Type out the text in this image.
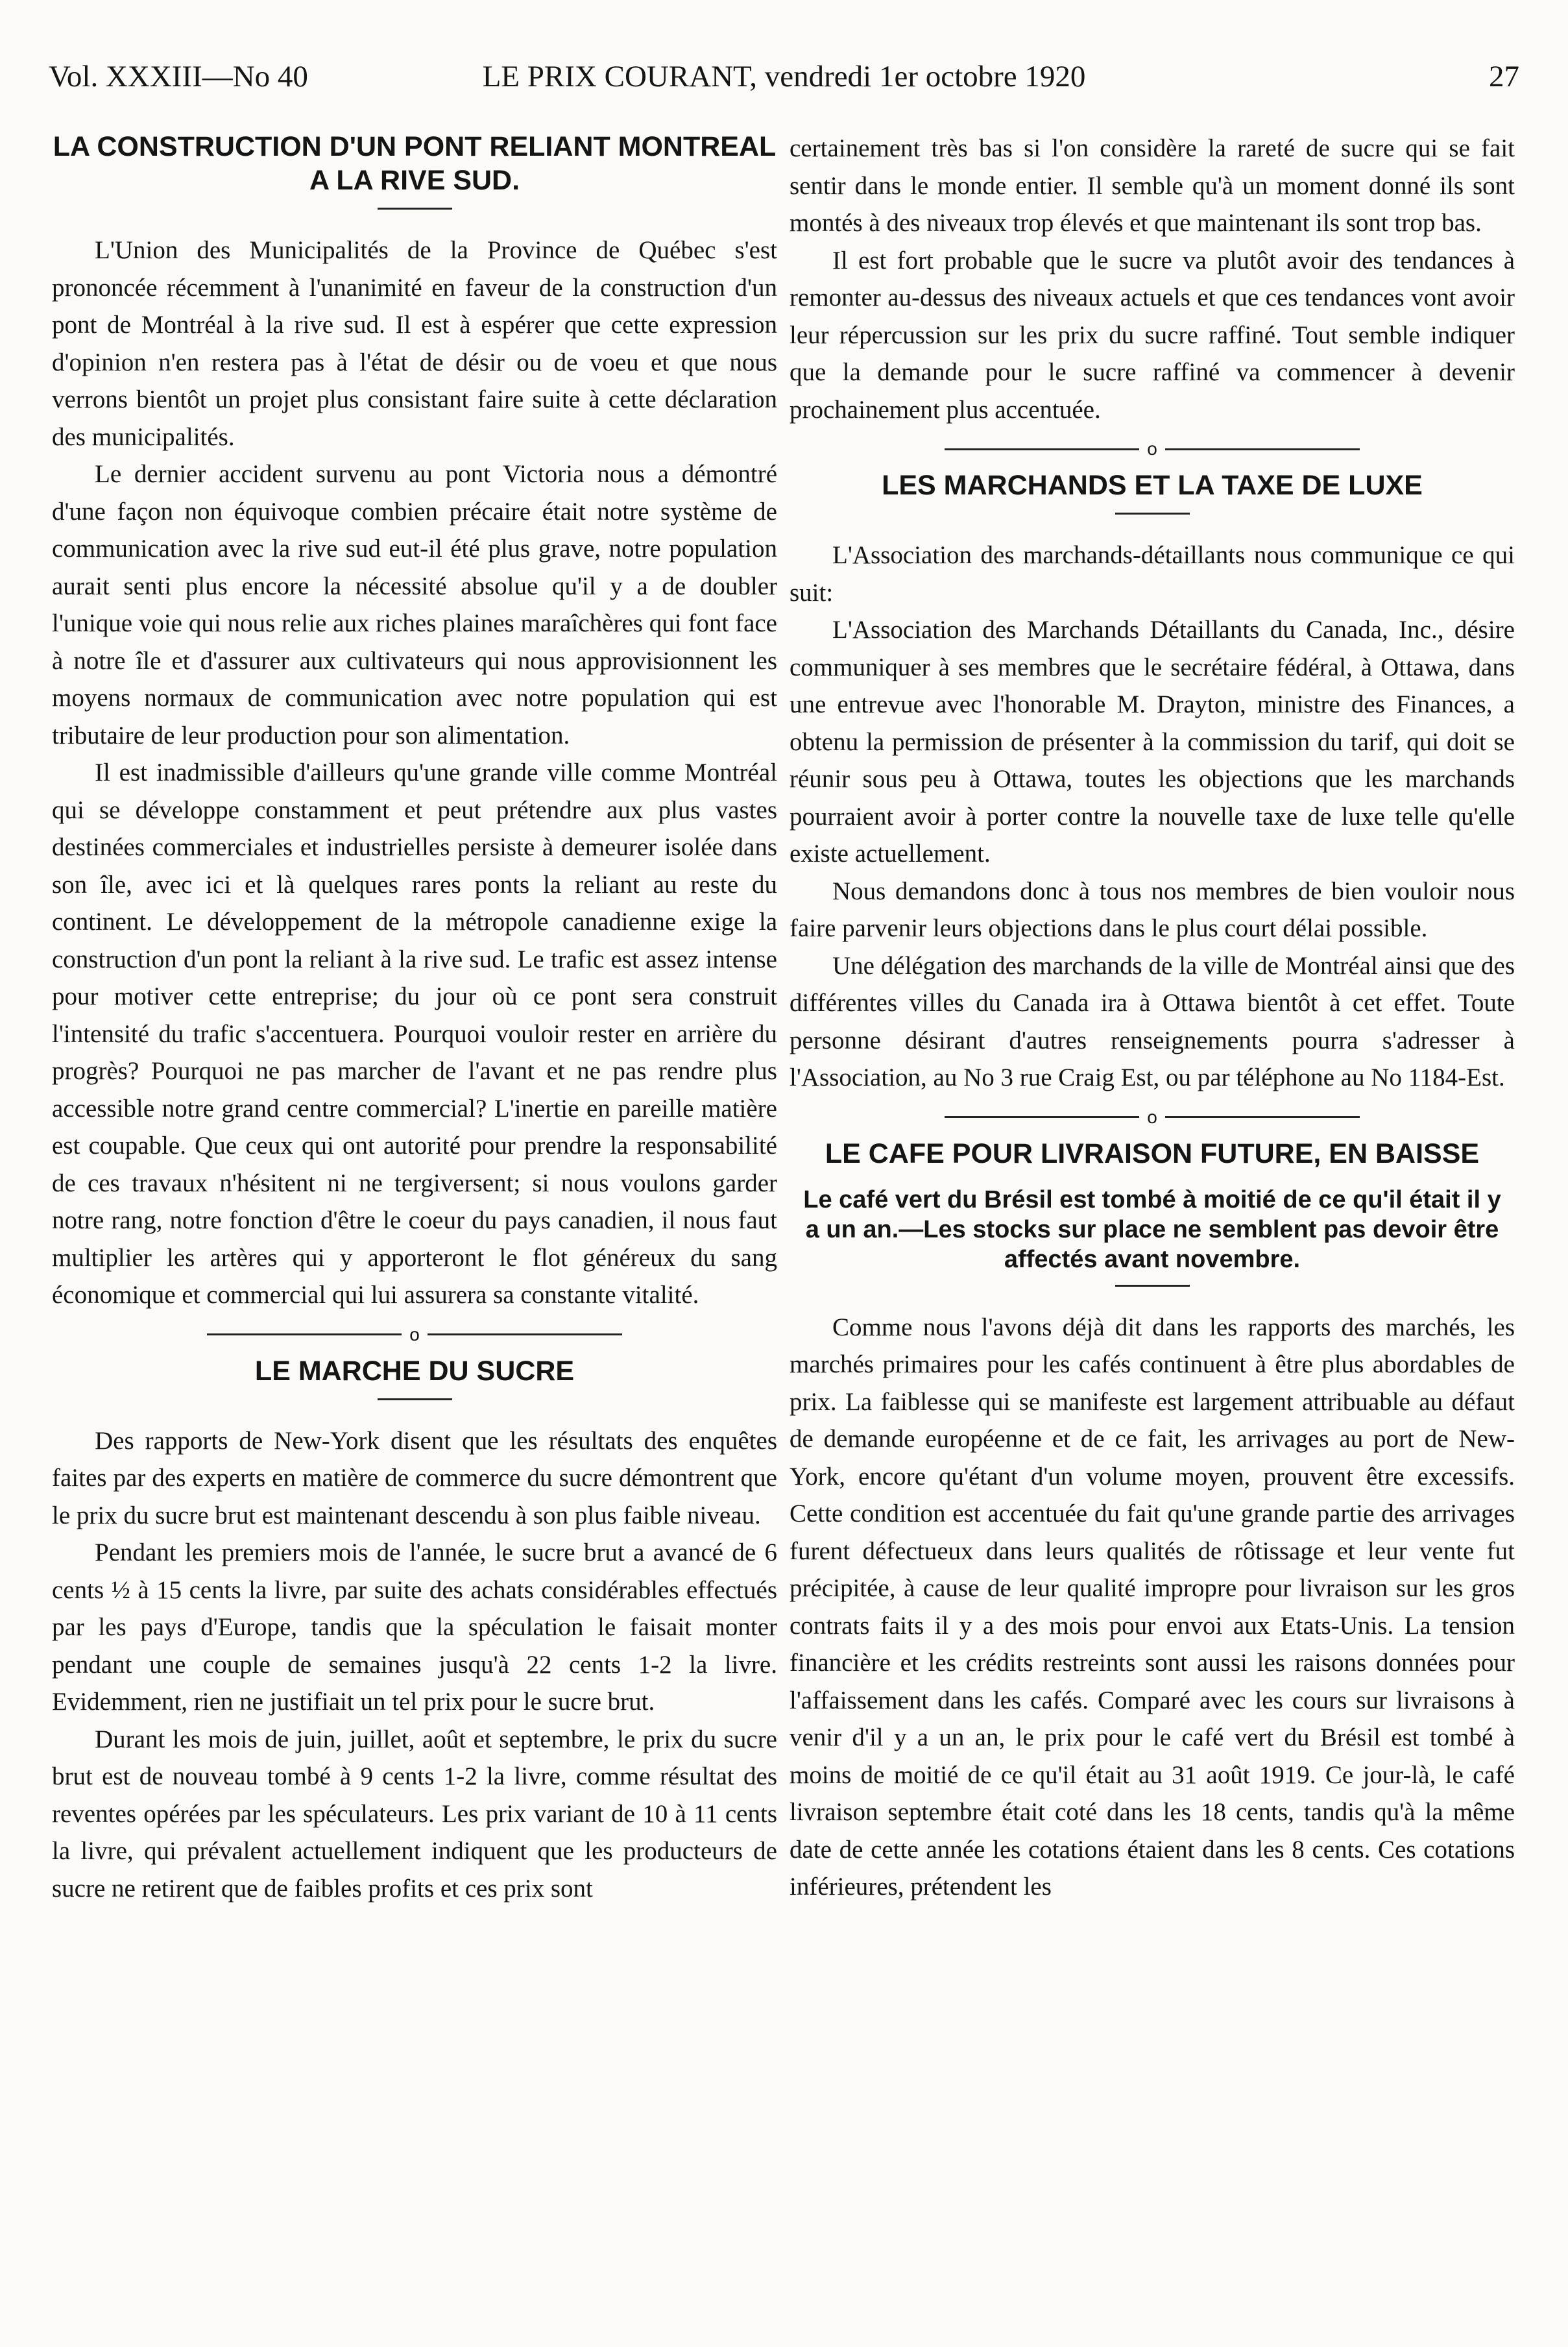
Vol. XXXIII—No 40	LE PRIX COURANT, vendredi 1er octobre 1920	27
LA CONSTRUCTION D'UN PONT RELIANT MONTREAL A LA RIVE SUD.

L'Union des Municipalités de la Province de Québec s'est prononcée récemment à l'unanimité en faveur de la construction d'un pont de Montréal à la rive sud. Il est à espérer que cette expression d'opinion n'en restera pas à l'état de désir ou de voeu et que nous verrons bientôt un projet plus consistant faire suite à cette déclaration des municipalités.

Le dernier accident survenu au pont Victoria nous a démontré d'une façon non équivoque combien précaire était notre système de communication avec la rive sud eut-il été plus grave, notre population aurait senti plus encore la nécessité absolue qu'il y a de doubler l'unique voie qui nous relie aux riches plaines maraîchères qui font face à notre île et d'assurer aux cultivateurs qui nous approvisionnent les moyens normaux de communication avec notre population qui est tributaire de leur production pour son alimentation.

Il est inadmissible d'ailleurs qu'une grande ville comme Montréal qui se développe constamment et peut prétendre aux plus vastes destinées commerciales et industrielles persiste à demeurer isolée dans son île, avec ici et là quelques rares ponts la reliant au reste du continent. Le développement de la métropole canadienne exige la construction d'un pont la reliant à la rive sud. Le trafic est assez intense pour motiver cette entreprise; du jour où ce pont sera construit l'intensité du trafic s'accentuera. Pourquoi vouloir rester en arrière du progrès? Pourquoi ne pas marcher de l'avant et ne pas rendre plus accessible notre grand centre commercial? L'inertie en pareille matière est coupable. Que ceux qui ont autorité pour prendre la responsabilité de ces travaux n'hésitent ni ne tergiversent; si nous voulons garder notre rang, notre fonction d'être le coeur du pays canadien, il nous faut multiplier les artères qui y apporteront le flot généreux du sang économique et commercial qui lui assurera sa constante vitalité.

o
LE MARCHE DU SUCRE

Des rapports de New-York disent que les résultats des enquêtes faites par des experts en matière de commerce du sucre démontrent que le prix du sucre brut est maintenant descendu à son plus faible niveau.

Pendant les premiers mois de l'année, le sucre brut a avancé de 6 cents ½ à 15 cents la livre, par suite des achats considérables effectués par les pays d'Europe, tandis que la spéculation le faisait monter pendant une couple de semaines jusqu'à 22 cents 1-2 la livre. Evidemment, rien ne justifiait un tel prix pour le sucre brut.

Durant les mois de juin, juillet, août et septembre, le prix du sucre brut est de nouveau tombé à 9 cents 1-2 la livre, comme résultat des reventes opérées par les spéculateurs. Les prix variant de 10 à 11 cents la livre, qui prévalent actuellement indiquent que les producteurs de sucre ne retirent que de faibles profits et ces prix sont

certainement très bas si l'on considère la rareté de sucre qui se fait sentir dans le monde entier. Il semble qu'à un moment donné ils sont montés à des niveaux trop élevés et que maintenant ils sont trop bas.

Il est fort probable que le sucre va plutôt avoir des tendances à remonter au-dessus des niveaux actuels et que ces tendances vont avoir leur répercussion sur les prix du sucre raffiné. Tout semble indiquer que la demande pour le sucre raffiné va commencer à devenir prochainement plus accentuée.

o
LES MARCHANDS ET LA TAXE DE LUXE

L'Association des marchands-détaillants nous communique ce qui suit:

L'Association des Marchands Détaillants du Canada, Inc., désire communiquer à ses membres que le secrétaire fédéral, à Ottawa, dans une entrevue avec l'honorable M. Drayton, ministre des Finances, a obtenu la permission de présenter à la commission du tarif, qui doit se réunir sous peu à Ottawa, toutes les objections que les marchands pourraient avoir à porter contre la nouvelle taxe de luxe telle qu'elle existe actuellement.

Nous demandons donc à tous nos membres de bien vouloir nous faire parvenir leurs objections dans le plus court délai possible.

Une délégation des marchands de la ville de Montréal ainsi que des différentes villes du Canada ira à Ottawa bientôt à cet effet. Toute personne désirant d'autres renseignements pourra s'adresser à l'Association, au No 3 rue Craig Est, ou par téléphone au No 1184-Est.

o
LE CAFE POUR LIVRAISON FUTURE, EN BAISSE
Le café vert du Brésil est tombé à moitié de ce qu'il était il y a un an.—Les stocks sur place ne semblent pas devoir être affectés avant novembre.

Comme nous l'avons déjà dit dans les rapports des marchés, les marchés primaires pour les cafés continuent à être plus abordables de prix. La faiblesse qui se manifeste est largement attribuable au défaut de demande européenne et de ce fait, les arrivages au port de New-York, encore qu'étant d'un volume moyen, prouvent être excessifs. Cette condition est accentuée du fait qu'une grande partie des arrivages furent défectueux dans leurs qualités de rôtissage et leur vente fut précipitée, à cause de leur qualité impropre pour livraison sur les gros contrats faits il y a des mois pour envoi aux Etats-Unis. La tension financière et les crédits restreints sont aussi les raisons données pour l'affaissement dans les cafés. Comparé avec les cours sur livraisons à venir d'il y a un an, le prix pour le café vert du Brésil est tombé à moins de moitié de ce qu'il était au 31 août 1919. Ce jour-là, le café livraison septembre était coté dans les 18 cents, tandis qu'à la même date de cette année les cotations étaient dans les 8 cents. Ces cotations inférieures, prétendent les
